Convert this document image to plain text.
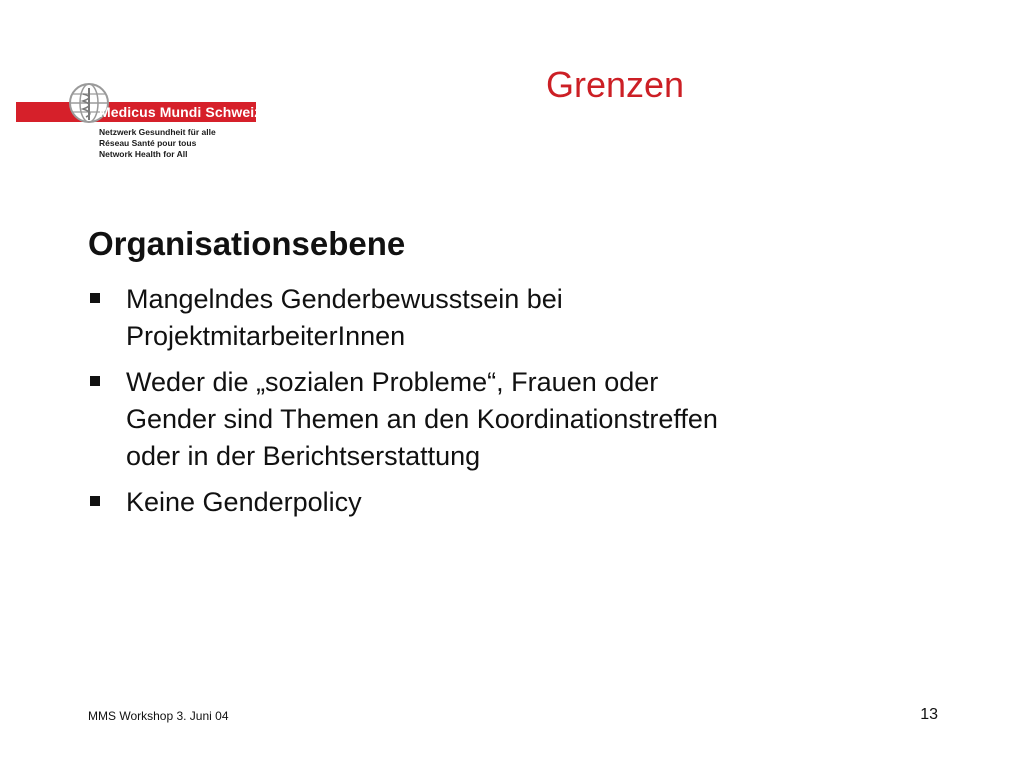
Medicus Mundi Schweiz
Netzwerk Gesundheit für alle
Réseau Santé pour tous
Network Health for All
Grenzen
Organisationsebene
Mangelndes Genderbewusstsein bei
ProjektmitarbeiterInnen
Weder die „sozialen Probleme“, Frauen oder
Gender sind Themen an den Koordinationstreffen
oder in der Berichtserstattung
Keine Genderpolicy
MMS Workshop 3. Juni 04	13
